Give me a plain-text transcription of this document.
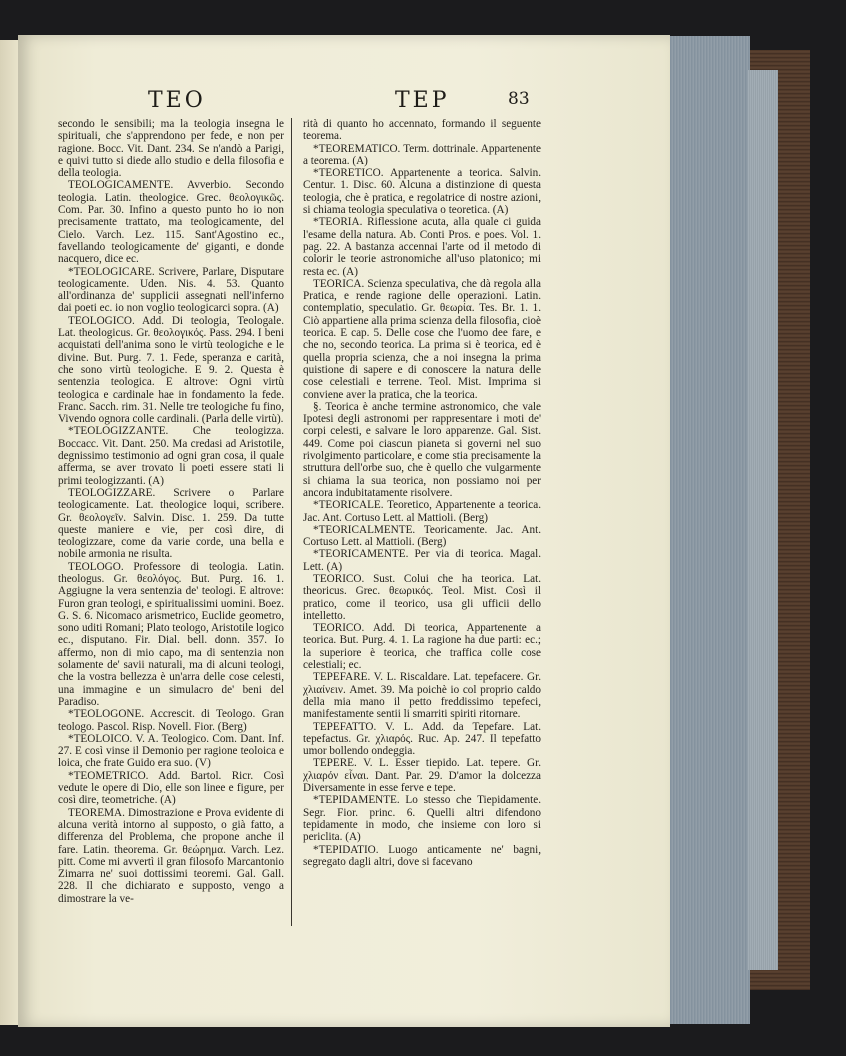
TEO	TEP	83

secondo le sensibili; ma la teologia insegna le spirituali, che s'apprendono per fede, e non per ragione. Bocc. Vit. Dant. 234. Se n'andò a Parigi, e quivi tutto si diede allo studio e della filosofia e della teologia.

TEOLOGICAMENTE. Avverbio. Secondo teologia. Latin. theologice. Grec. θεολογικῶς. Com. Par. 30. Infino a questo punto ho io non precisamente trattato, ma teologicamente, del Cielo. Varch. Lez. 115. Sant'Agostino ec., favellando teologicamente de' giganti, e donde nacquero, dice ec.

*TEOLOGICARE. Scrivere, Parlare, Disputare teologicamente. Uden. Nis. 4. 53. Quanto all'ordinanza de' supplicii assegnati nell'inferno dai poeti ec. io non voglio teologicarci sopra. (A)

TEOLOGICO. Add. Di teologia, Teologale. Lat. theologicus. Gr. θεολογικός. Pass. 294. I beni acquistati dell'anima sono le virtù teologiche e le divine. But. Purg. 7. 1. Fede, speranza e carità, che sono virtù teologiche. E 9. 2. Questa è sentenzia teologica. E altrove: Ogni virtù teologica e cardinale hae in fondamento la fede. Franc. Sacch. rim. 31. Nelle tre teologiche fu fino, Vivendo ognora colle cardinali. (Parla delle virtù).

*TEOLOGIZZANTE. Che teologizza. Boccacc. Vit. Dant. 250. Ma credasi ad Aristotile, degnissimo testimonio ad ogni gran cosa, il quale afferma, se aver trovato li poeti essere stati li primi teologizzanti. (A)

TEOLOGIZZARE. Scrivere o Parlare teologicamente. Lat. theologice loqui, scribere. Gr. θεολογεῖν. Salvin. Disc. 1. 259. Da tutte queste maniere e vie, per così dire, di teologizzare, come da varie corde, una bella e nobile armonia ne risulta.

TEOLOGO. Professore di teologia. Latin. theologus. Gr. θεολόγος. But. Purg. 16. 1. Aggiugne la vera sentenzia de' teologi. E altrove: Furon gran teologi, e spiritualissimi uomini. Boez. G. S. 6. Nicomaco arismetrico, Euclide geometro, sono uditi Romani; Plato teologo, Aristotile logico ec., disputano. Fir. Dial. bell. donn. 357. Io affermo, non di mio capo, ma di sentenzia non solamente de' savii naturali, ma di alcuni teologi, che la vostra bellezza è un'arra delle cose celesti, una immagine e un simulacro de' beni del Paradiso.

*TEOLOGONE. Accrescit. di Teologo. Gran teologo. Pascol. Risp. Novell. Fior. (Berg)

*TEOLOICO. V. A. Teologico. Com. Dant. Inf. 27. E così vinse il Demonio per ragione teoloica e loica, che frate Guido era suo. (V)

*TEOMETRICO. Add. Bartol. Ricr. Così vedute le opere di Dio, elle son linee e figure, per così dire, teometriche. (A)

TEOREMA. Dimostrazione e Prova evidente di alcuna verità intorno al supposto, o già fatto, a differenza del Problema, che propone anche il fare. Latin. theorema. Gr. θεώρημα. Varch. Lez. pitt. Come mi avvertì il gran filosofo Marcantonio Zimarra ne' suoi dottissimi teoremi. Gal. Gall. 228. Il che dichiarato e supposto, vengo a dimostrare la ve-

rità di quanto ho accennato, formando il seguente teorema.

*TEOREMATICO. Term. dottrinale. Appartenente a teorema. (A)

*TEORETICO. Appartenente a teorica. Salvin. Centur. 1. Disc. 60. Alcuna a distinzione di questa teologia, che è pratica, e regolatrice di nostre azioni, si chiama teologia speculativa o teoretica. (A)

*TEORIA. Riflessione acuta, alla quale ci guida l'esame della natura. Ab. Conti Pros. e poes. Vol. 1. pag. 22. A bastanza accennai l'arte od il metodo di colorir le teorie astronomiche all'uso platonico; mi resta ec. (A)

TEORICA. Scienza speculativa, che dà regola alla Pratica, e rende ragione delle operazioni. Latin. contemplatio, speculatio. Gr. θεωρία. Tes. Br. 1. 1. Ciò appartiene alla prima scienza della filosofia, cioè teorica. E cap. 5. Delle cose che l'uomo dee fare, e che no, secondo teorica. La prima si è teorica, ed è quella propria scienza, che a noi insegna la prima quistione di sapere e di conoscere la natura delle cose celestiali e terrene. Teol. Mist. Imprima si conviene aver la pratica, che la teorica.

§. Teorica è anche termine astronomico, che vale Ipotesi degli astronomi per rappresentare i moti de' corpi celesti, e salvare le loro apparenze. Gal. Sist. 449. Come poi ciascun pianeta si governi nel suo rivolgimento particolare, e come stia precisamente la struttura dell'orbe suo, che è quello che vulgarmente si chiama la sua teorica, non possiamo noi per ancora indubitatamente risolvere.

*TEORICALE. Teoretico, Appartenente a teorica. Jac. Ant. Cortuso Lett. al Mattioli. (Berg)

*TEORICALMENTE. Teoricamente. Jac. Ant. Cortuso Lett. al Mattioli. (Berg)

*TEORICAMENTE. Per via di teorica. Magal. Lett. (A)

TEORICO. Sust. Colui che ha teorica. Lat. theoricus. Grec. θεωρικός. Teol. Mist. Così il pratico, come il teorico, usa gli ufficii dello intelletto.

TEORICO. Add. Di teorica, Appartenente a teorica. But. Purg. 4. 1. La ragione ha due parti: ec.; la superiore è teorica, che traffica colle cose celestiali; ec.

TEPEFARE. V. L. Riscaldare. Lat. tepefacere. Gr. χλιαίνειν. Amet. 39. Ma poichè io col proprio caldo della mia mano il petto freddissimo tepefeci, manifestamente sentii li smarriti spiriti ritornare.

TEPEFATTO. V. L. Add. da Tepefare. Lat. tepefactus. Gr. χλιαρός. Ruc. Ap. 247. Il tepefatto umor bollendo ondeggia.

TEPERE. V. L. Esser tiepido. Lat. tepere. Gr. χλιαρόν εἶναι. Dant. Par. 29. D'amor la dolcezza Diversamente in esse ferve e tepe.

*TEPIDAMENTE. Lo stesso che Tiepidamente. Segr. Fior. princ. 6. Quelli altri difendono tepidamente in modo, che insieme con loro si periclita. (A)

*TEPIDATIO. Luogo anticamente ne' bagni, segregato dagli altri, dove si facevano
